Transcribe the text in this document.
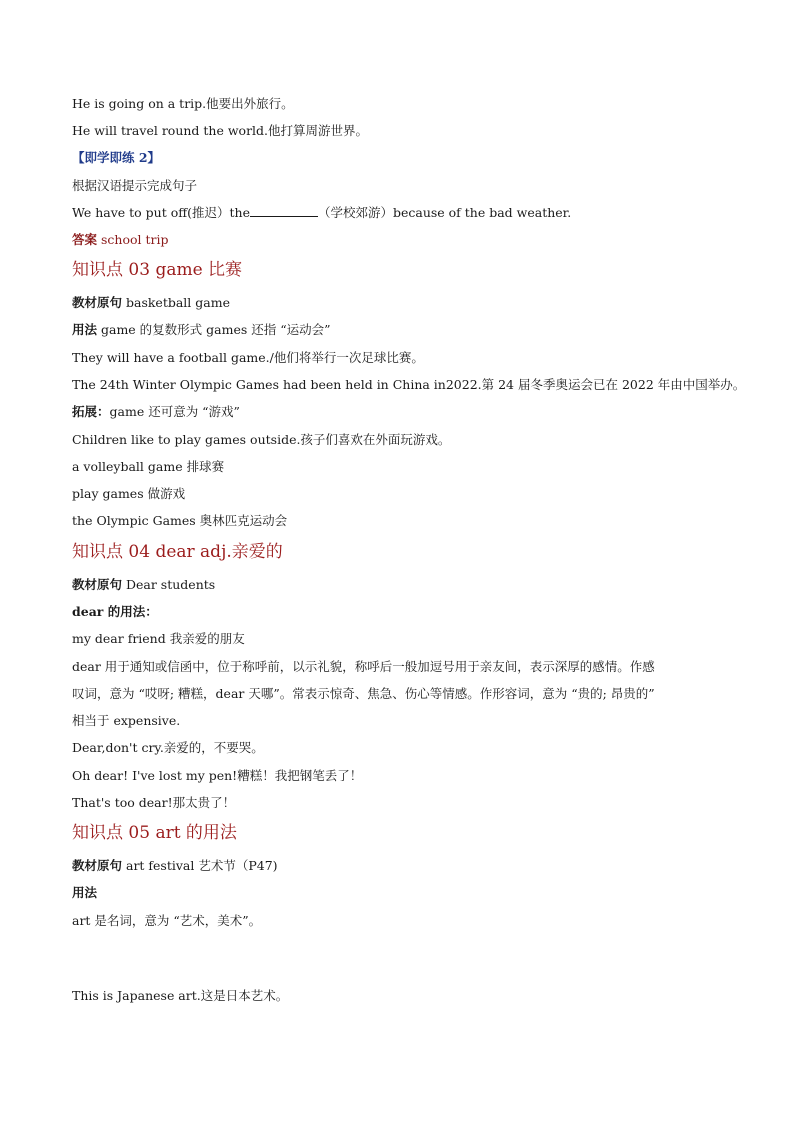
He is going on a trip.他要出外旅行。
He will travel round the world.他打算周游世界。
【即学即练 2】
根据汉语提示完成句子
We have to put off(推迟）the	（学校郊游）because of the bad weather.
答案 school trip
知识点 03 game 比赛
教材原句 basketball game
用法 game 的复数形式 games 还指 “运动会”
They will have a football game./他们将举行一次足球比赛。
The 24th Winter Olympic Games had been held in China in2022.第 24 届冬季奥运会已在 2022 年由中国举办。
拓展：game 还可意为 “游戏”
Children like to play games outside.孩子们喜欢在外面玩游戏。
a volleyball game 排球赛
play games 做游戏
the Olympic Games 奥林匹克运动会
知识点 04 dear adj.亲爱的
教材原句 Dear students
dear 的用法：
my dear friend 我亲爱的朋友
dear 用于通知或信函中，位于称呼前，以示礼貌，称呼后一般加逗号用于亲友间，表示深厚的感情。作感
叹词，意为 “哎呀; 糟糕，dear 天哪”。常表示惊奇、焦急、伤心等情感。作形容词，意为 “贵的; 昂贵的”
相当于 expensive.
Dear,don't cry.亲爱的，不要哭。
Oh dear! I've lost my pen!糟糕！我把钢笔丢了！
That's too dear!那太贵了！
知识点 05 art 的用法
教材原句 art festival 艺术节（P47)
用法
art 是名词，意为 “艺术，美术”。
This is Japanese art.这是日本艺术。
